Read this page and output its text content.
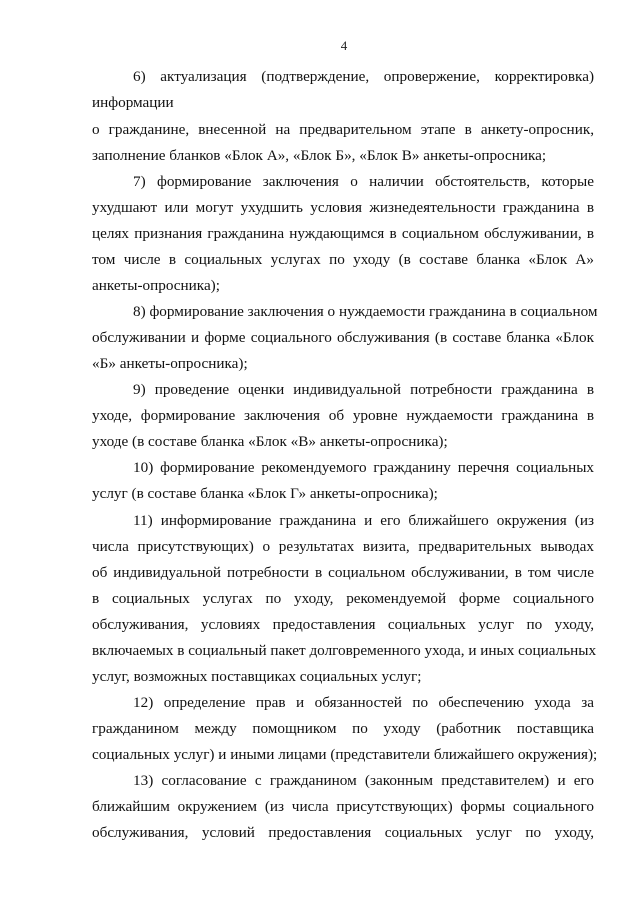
4
6) актуализация (подтверждение, опровержение, корректировка)
информации
о гражданине, внесенной на предварительном этапе в анкету-опросник,
заполнение бланков «Блок А», «Блок Б», «Блок В» анкеты-опросника;
7) формирование заключения о наличии обстоятельств, которые
ухудшают или могут ухудшить условия жизнедеятельности гражданина в
целях признания гражданина нуждающимся в социальном обслуживании, в
том числе в социальных услугах по уходу (в составе бланка «Блок А»
анкеты-опросника);
8) формирование заключения о нуждаемости гражданина в социальном
обслуживании и форме социального обслуживания (в составе бланка «Блок
«Б» анкеты-опросника);
9) проведение оценки индивидуальной потребности гражданина в
уходе, формирование заключения об уровне нуждаемости гражданина в
уходе (в составе бланка «Блок «В» анкеты-опросника);
10) формирование рекомендуемого гражданину перечня социальных
услуг (в составе бланка «Блок Г» анкеты-опросника);
11) информирование гражданина и его ближайшего окружения (из
числа присутствующих) о результатах визита, предварительных выводах
об индивидуальной потребности в социальном обслуживании, в том числе
в социальных услугах по уходу, рекомендуемой форме социального
обслуживания, условиях предоставления социальных услуг по уходу,
включаемых в социальный пакет долговременного ухода, и иных социальных
услуг, возможных поставщиках социальных услуг;
12) определение прав и обязанностей по обеспечению ухода за
гражданином между помощником по уходу (работник поставщика
социальных услуг) и иными лицами (представители ближайшего окружения);
13) согласование с гражданином (законным представителем) и его
ближайшим окружением (из числа присутствующих) формы социального
обслуживания, условий предоставления социальных услуг по уходу,
